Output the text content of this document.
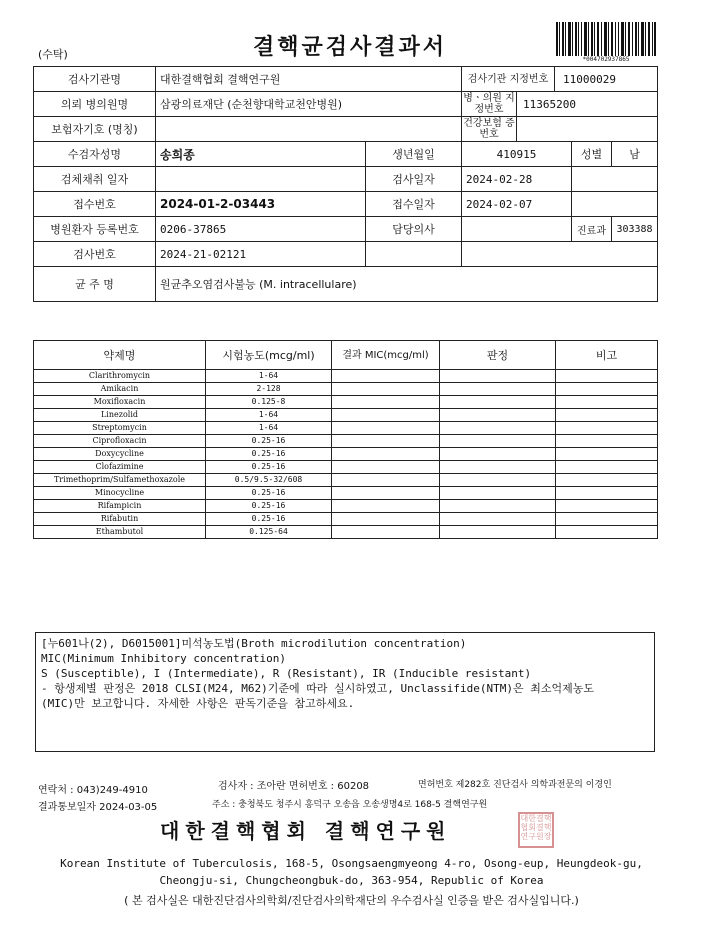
(수탁)	결핵균검사결과서	*004702937865
검사기관명	대한결핵협회 결핵연구원		검사기관 지정번호 11000029		

의뢰 병의원명	삼광의료재단 (순천향대학교천안병원)		병ㆍ의원 지정번호 11365200		

보험자기호 (명칭)			건강보험 증번호		

수검자성명	송희종	생년월일	410915	성별	남
검체채취 일자		검사일자	2024-02-28		
접수번호	2024-01-2-03443	접수일자	2024-02-07		
병원환자 등록번호	0206-37865	담당의사		진료과	303388
검사번호	2024-21-02121				
균 주 명	원균추오염검사불능 (M. intracellulare)				
약제명	시험농도(mcg/ml)	결과 MIC(mcg/ml)	판정	비고
Clarithromycin	1-64			
Amikacin	2-128			
Moxifloxacin	0.125-8			
Linezolid	1-64			
Streptomycin	1-64			
Ciprofloxacin	0.25-16			
Doxycycline	0.25-16			
Clofazimine	0.25-16			
Trimethoprim/Sulfamethoxazole	0.5/9.5-32/608			
Minocycline	0.25-16			
Rifampicin	0.25-16			
Rifabutin	0.25-16			
Ethambutol	0.125-64			
[누601나(2), D6015001]미석농도법(Broth microdilution concentration)
MIC(Minimum Inhibitory concentration)
S (Susceptible), I (Intermediate), R (Resistant), IR (Inducible resistant)
- 항생제별 판정은 2018 CLSI(M24, M62)기준에 따라 실시하였고, Unclassifide(NTM)은 최소억제농도
(MIC)만 보고합니다. 자세한 사항은 판독기준을 참고하세요.
연락처 : 043)249-4910	검사자 : 조아란 면허번호 : 60208	면허번호 제282호 진단검사 의학과전문의 이경인
결과통보일자 2024-03-05	주소 : 충청북도 청주시 흥덕구 오송읍 오송생명4로 168-5 결핵연구원
대한결핵협회 결핵연구원
대한결핵협회결핵연구원장
Korean Institute of Tuberculosis, 168-5, Osongsaengmyeong 4-ro, Osong-eup, Heungdeok-gu,
Cheongju-si, Chungcheongbuk-do, 363-954, Republic of Korea
( 본 검사실은 대한진단검사의학회/진단검사의학재단의 우수검사실 인증을 받은 검사실입니다.)
